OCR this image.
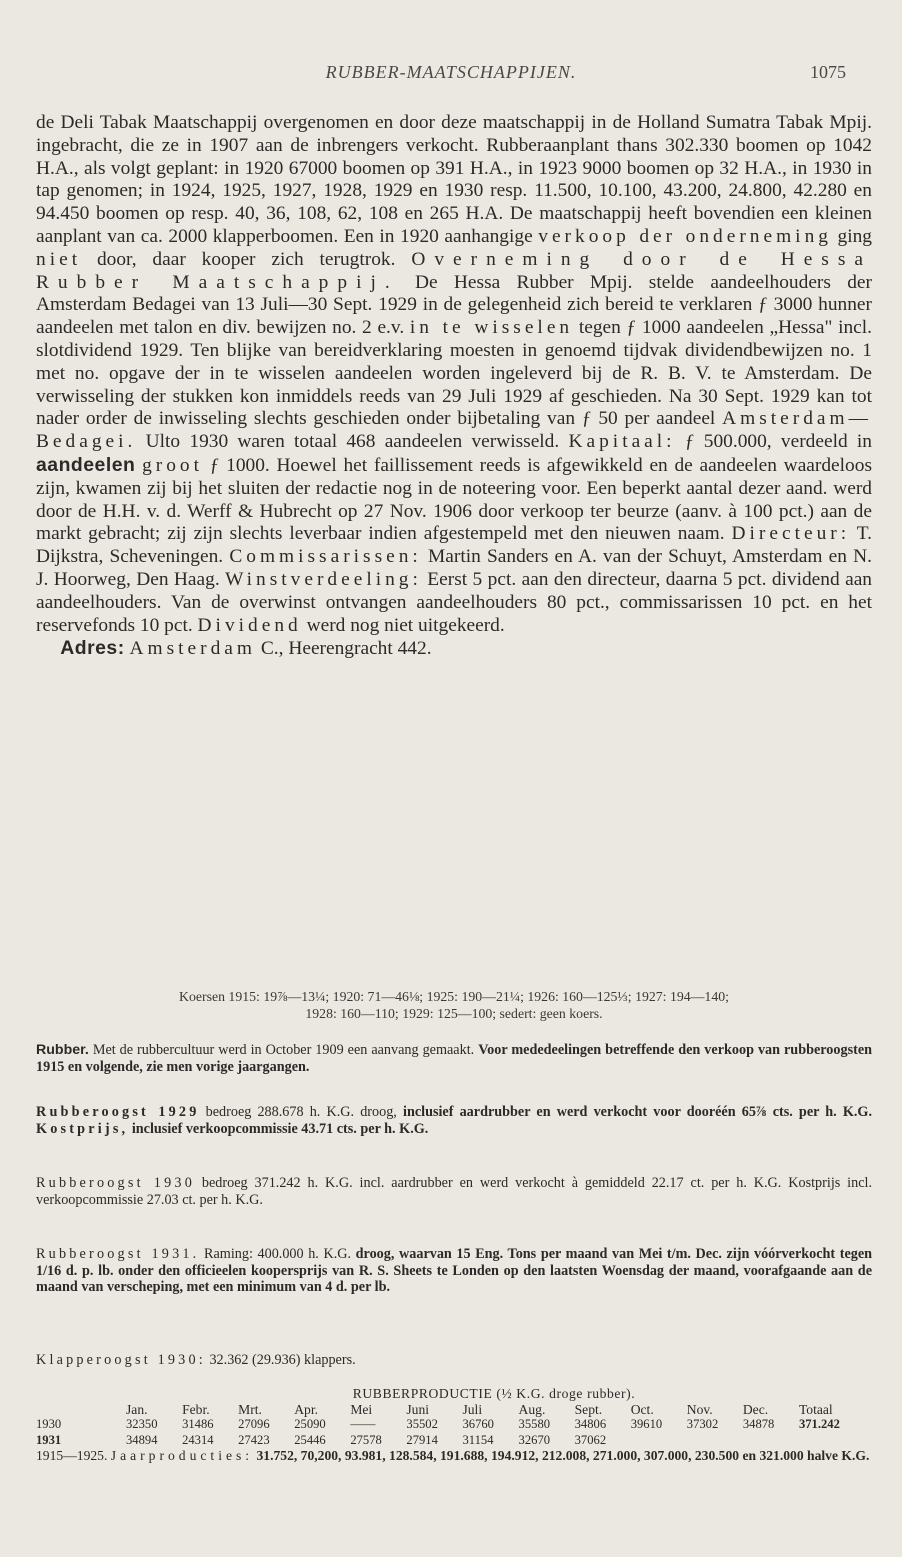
RUBBER-MAATSCHAPPIJEN.	1075

de Deli Tabak Maatschappij overgenomen en door deze maatschappij in de Holland Sumatra Tabak Mpij. ingebracht, die ze in 1907 aan de inbrengers verkocht. Rubberaanplant thans 302.330 boomen op 1042 H.A., als volgt geplant: in 1920 67000 boomen op 391 H.A., in 1923 9000 boomen op 32 H.A., in 1930 in tap genomen; in 1924, 1925, 1927, 1928, 1929 en 1930 resp. 11.500, 10.100, 43.200, 24.800, 42.280 en 94.450 boomen op resp. 40, 36, 108, 62, 108 en 265 H.A. De maatschappij heeft bovendien een kleinen aanplant van ca. 2000 klapperboomen. Een in 1920 aanhangige verkoop der onderneming ging niet door, daar kooper zich terugtrok. Overneming door de Hessa Rubber Maatschappij. De Hessa Rubber Mpij. stelde aandeelhouders der Amsterdam Bedagei van 13 Juli—30 Sept. 1929 in de gelegenheid zich bereid te verklaren ƒ 3000 hunner aandeelen met talon en div. bewijzen no. 2 e.v. in te wisselen tegen ƒ 1000 aandeelen „Hessa" incl. slotdividend 1929. Ten blijke van bereidverklaring moesten in genoemd tijdvak dividendbewijzen no. 1 met no. opgave der in te wisselen aandeelen worden ingeleverd bij de R. B. V. te Amsterdam. De verwisseling der stukken kon inmiddels reeds van 29 Juli 1929 af geschieden. Na 30 Sept. 1929 kan tot nader order de inwisseling slechts geschieden onder bijbetaling van ƒ 50 per aandeel Amsterdam—Bedagei. Ulto 1930 waren totaal 468 aandeelen verwisseld. Kapitaal: ƒ 500.000, verdeeld in aandeelen groot ƒ 1000. Hoewel het faillissement reeds is afgewikkeld en de aandeelen waardeloos zijn, kwamen zij bij het sluiten der redactie nog in de noteering voor. Een beperkt aantal dezer aand. werd door de H.H. v. d. Werff & Hubrecht op 27 Nov. 1906 door verkoop ter beurze (aanv. à 100 pct.) aan de markt gebracht; zij zijn slechts leverbaar indien afgestempeld met den nieuwen naam. Directeur: T. Dijkstra, Scheveningen. Commissarissen: Martin Sanders en A. van der Schuyt, Amsterdam en N. J. Hoorweg, Den Haag. Winstverdeeling: Eerst 5 pct. aan den directeur, daarna 5 pct. dividend aan aandeelhouders. Van de overwinst ontvangen aandeelhouders 80 pct., commissarissen 10 pct. en het reservefonds 10 pct. Dividend werd nog niet uitgekeerd.

Adres: Amsterdam C., Heerengracht 442.

Koersen 1915: 19⅞—13¼; 1920: 71—46⅛; 1925: 190—21¼; 1926: 160—125⅓; 1927: 194—140;
1928: 160—110; 1929: 125—100; sedert: geen koers.

Rubber. Met de rubbercultuur werd in October 1909 een aanvang gemaakt. Voor mededeelingen betreffende den verkoop van rubberoogsten 1915 en volgende, zie men vorige jaargangen.

Rubberoogst 1929 bedroeg 288.678 h. K.G. droog, inclusief aardrubber en werd verkocht voor dooréén 65⅞ cts. per h. K.G. Kostprijs, inclusief verkoopcommissie 43.71 cts. per h. K.G.

Rubberoogst 1930 bedroeg 371.242 h. K.G. incl. aardrubber en werd verkocht à gemiddeld 22.17 ct. per h. K.G. Kostprijs incl. verkoopcommissie 27.03 ct. per h. K.G.

Rubberoogst 1931. Raming: 400.000 h. K.G. droog, waarvan 15 Eng. Tons per maand van Mei t/m. Dec. zijn vóórverkocht tegen 1/16 d. p. lb. onder den officieelen koopersprijs van R. S. Sheets te Londen op den laatsten Woensdag der maand, voorafgaande aan de maand van verscheping, met een minimum van 4 d. per lb.

Klapperoogst 1930: 32.362 (29.936) klappers.

RUBBERPRODUCTIE (½ K.G. droge rubber).
	Jan.	Febr.	Mrt.	Apr.	Mei	Juni	Juli	Aug.	Sept.	Oct.	Nov.	Dec.	Totaal
1930	32350	31486	27096	25090	——	35502	36760	35580	34806	39610	37302	34878	371.242
1931	34894	24314	27423	25446	27578	27914	31154	32670	37062				
1915—1925. Jaarproducties: 31.752, 70,200, 93.981, 128.584, 191.688, 194.912, 212.008, 271.000, 307.000, 230.500 en 321.000 halve K.G.
